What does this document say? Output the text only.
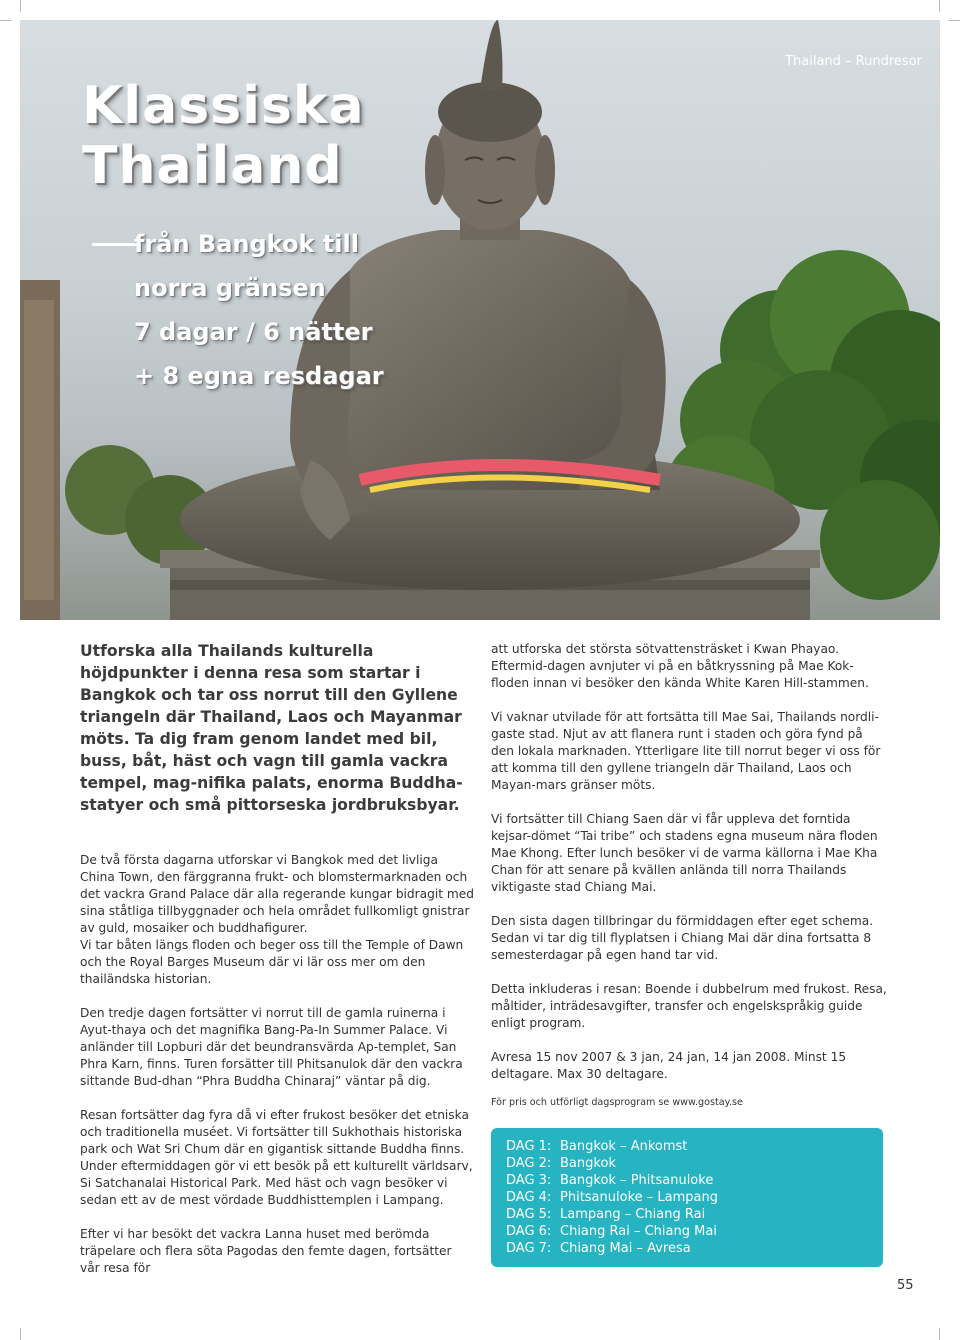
Thailand – Rundresor
Klassiska
Thailand
från Bangkok till
norra gränsen
7 dagar / 6 nätter
+ 8 egna resdagar

Utforska alla Thailands kulturella höjdpunkter i denna resa som startar i Bangkok och tar oss norrut till den Gyllene triangeln där Thailand, Laos och Mayanmar möts. Ta dig fram genom landet med bil, buss, båt, häst och vagn till gamla vackra tempel, mag-nifika palats, enorma Buddha-statyer och små pittorseska jordbruksbyar.

De två första dagarna utforskar vi Bangkok med det livliga China Town, den färggranna frukt- och blomstermarknaden och det vackra Grand Palace där alla regerande kungar bidragit med sina ståtliga tillbyggnader och hela området fullkomligt gnistrar av guld, mosaiker och buddhafigurer.

Vi tar båten längs floden och beger oss till the Temple of Dawn och the Royal Barges Museum där vi lär oss mer om den thailändska historian.

Den tredje dagen fortsätter vi norrut till de gamla ruinerna i Ayut-thaya och det magnifika Bang-Pa-In Summer Palace. Vi anländer till Lopburi där det beundransvärda Ap-templet, San Phra Karn, finns. Turen forsätter till Phitsanulok där den vackra sittande Bud-dhan “Phra Buddha Chinaraj” väntar på dig.

Resan fortsätter dag fyra då vi efter frukost besöker det etniska och traditionella muséet. Vi fortsätter till Sukhothais historiska park och Wat Sri Chum där en gigantisk sittande Buddha finns.

Under eftermiddagen gör vi ett besök på ett kulturellt världsarv, Si Satchanalai Historical Park. Med häst och vagn besöker vi sedan ett av de mest vördade Buddhisttemplen i Lampang.

Efter vi har besökt det vackra Lanna huset med berömda träpelare och flera söta Pagodas den femte dagen, fortsätter vår resa för

att utforska det största sötvattensträsket i Kwan Phayao. Eftermid-dagen avnjuter vi på en båtkryssning på Mae Kok-floden innan vi besöker den kända White Karen Hill-stammen.

Vi vaknar utvilade för att fortsätta till Mae Sai, Thailands nordli-gaste stad. Njut av att flanera runt i staden och göra fynd på den lokala marknaden. Ytterligare lite till norrut beger vi oss för att komma till den gyllene triangeln där Thailand, Laos och Mayan-mars gränser möts.

Vi fortsätter till Chiang Saen där vi får uppleva det forntida kejsar-dömet “Tai tribe” och stadens egna museum nära floden Mae Khong. Efter lunch besöker vi de varma källorna i Mae Kha Chan för att senare på kvällen anlända till norra Thailands viktigaste stad Chiang Mai.

Den sista dagen tillbringar du förmiddagen efter eget schema. Sedan vi tar dig till flyplatsen i Chiang Mai där dina fortsatta 8 semesterdagar på egen hand tar vid.

Detta inkluderas i resan: Boende i dubbelrum med frukost. Resa, måltider, inträdesavgifter, transfer och engelskspråkig guide enligt program.

Avresa 15 nov 2007 & 3 jan, 24 jan, 14 jan 2008. Minst 15 deltagare. Max 30 deltagare.

För pris och utförligt dagsprogram se www.gostay.se

DAG 1: Bangkok – Ankomst
DAG 2: Bangkok
DAG 3: Bangkok – Phitsanuloke
DAG 4: Phitsanuloke – Lampang
DAG 5: Lampang – Chiang Rai
DAG 6: Chiang Rai – Chiang Mai
DAG 7: Chiang Mai – Avresa
55
